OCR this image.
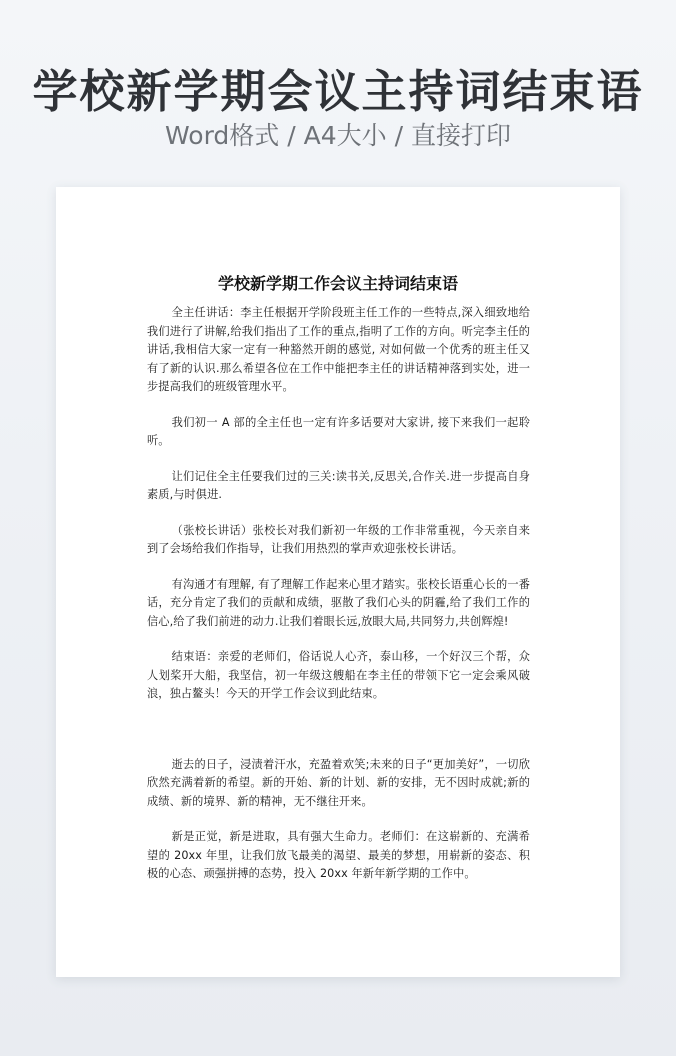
学校新学期会议主持词结束语
Word格式 / A4大小 / 直接打印
学校新学期工作会议主持词结束语

全主任讲话：李主任根据开学阶段班主任工作的一些特点,深入细致地给我们进行了讲解,给我们指出了工作的重点,指明了工作的方向。听完李主任的讲话,我相信大家一定有一种豁然开朗的感觉, 对如何做一个优秀的班主任又有了新的认识.那么希望各位在工作中能把李主任的讲话精神落到实处，进一步提高我们的班级管理水平。

我们初一 A 部的全主任也一定有许多话要对大家讲, 接下来我们一起聆听。

让们记住全主任要我们过的三关:读书关,反思关,合作关.进一步提高自身素质,与时俱进.

（张校长讲话）张校长对我们新初一年级的工作非常重视，今天亲自来到了会场给我们作指导，让我们用热烈的掌声欢迎张校长讲话。

有沟通才有理解, 有了理解工作起来心里才踏实。张校长语重心长的一番话，充分肯定了我们的贡献和成绩，驱散了我们心头的阴霾,给了我们工作的信心,给了我们前进的动力.让我们着眼长远,放眼大局,共同努力,共创辉煌!

结束语：亲爱的老师们，俗话说人心齐，泰山移，一个好汉三个帮，众人划桨开大船，我坚信，初一年级这艘船在李主任的带领下它一定会乘风破浪，独占鳌头！今天的开学工作会议到此结束。

逝去的日子，浸渍着汗水，充盈着欢笑;未来的日子“更加美好”，一切欣欣然充满着新的希望。新的开始、新的计划、新的安排，无不因时成就;新的成绩、新的境界、新的精神，无不继往开来。

新是正觉，新是进取，具有强大生命力。老师们：在这崭新的、充满希望的 20xx 年里，让我们放飞最美的渴望、最美的梦想，用崭新的姿态、积极的心态、顽强拼搏的态势，投入 20xx 年新年新学期的工作中。
